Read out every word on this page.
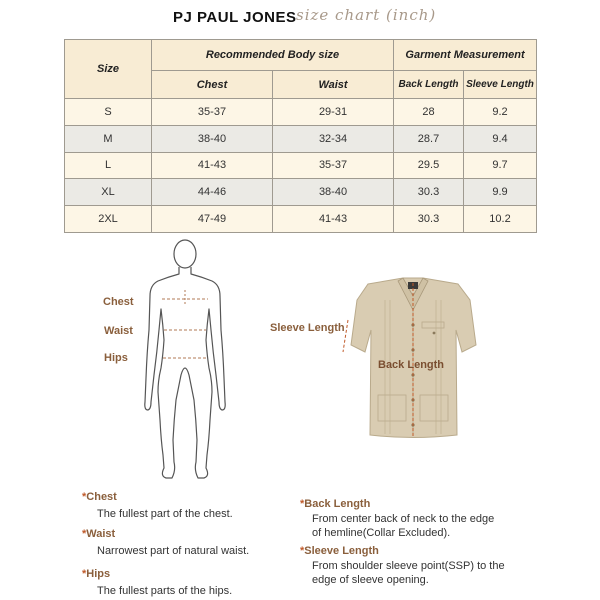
PJ PAUL JONES size chart (inch)
Size	Recommended Body size		Garment Measurement	
	Chest	Waist	Back Length	Sleeve Length
S	35-37	29-31	28	9.2
M	38-40	32-34	28.7	9.4
L	41-43	35-37	29.5	9.7
XL	44-46	38-40	30.3	9.9
2XL	47-49	41-43	30.3	10.2
Chest
Waist
Hips
Sleeve Length
Back Length
*Chest
The fullest part of the chest.
*Waist
Narrowest part of natural waist.
*Hips
The fullest parts of the hips.
*Back Length
From center back of neck to the edge
of hemline(Collar Excluded).
*Sleeve Length
From shoulder sleeve point(SSP) to the
edge of sleeve opening.
